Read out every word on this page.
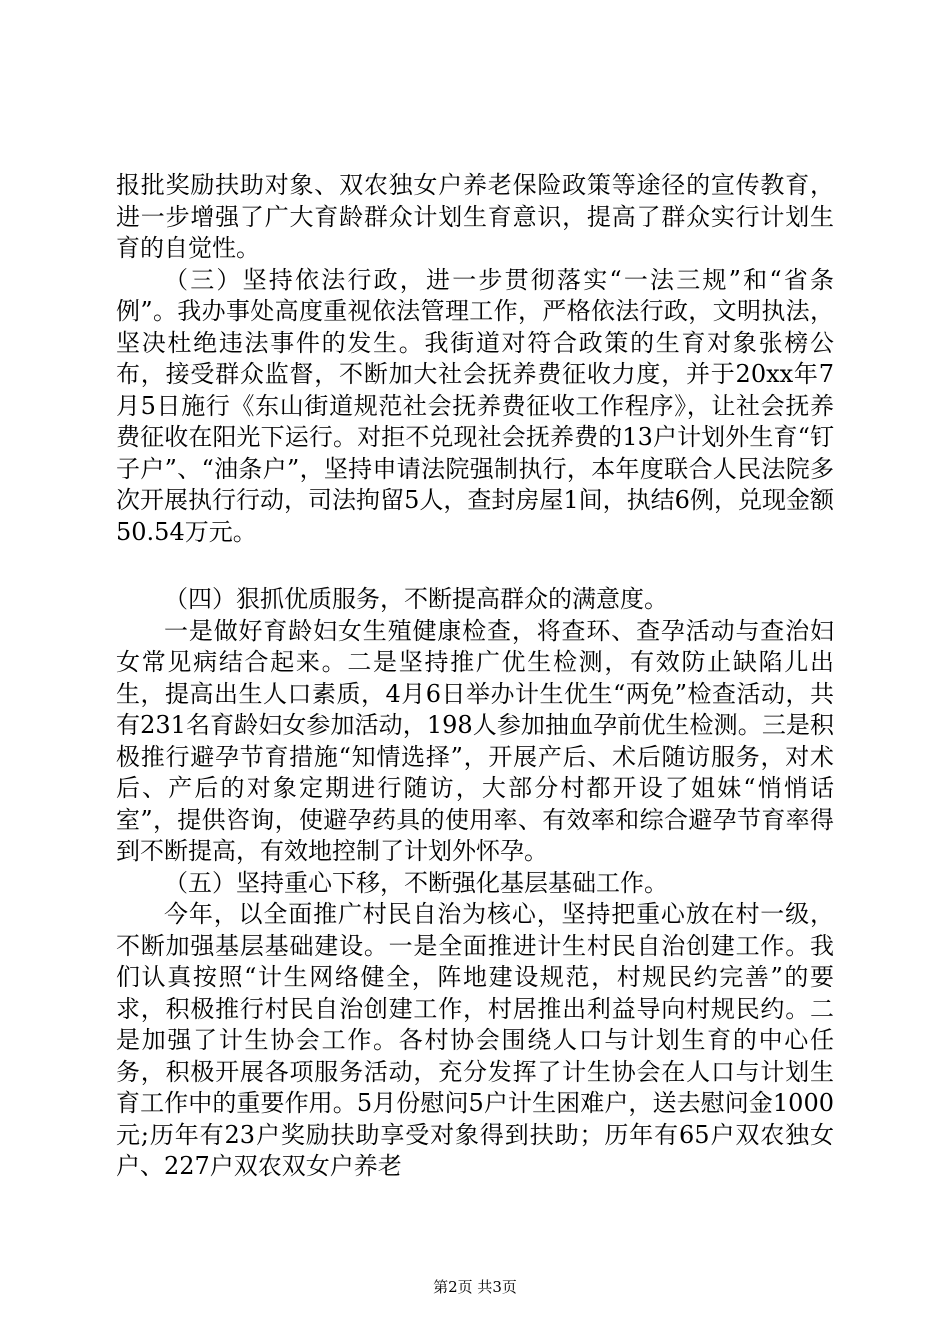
报批奖励扶助对象、双农独女户养老保险政策等途径的宣传教育，进一步增强了广大育龄群众计划生育意识，提高了群众实行计划生育的自觉性。

（三）坚持依法行政，进一步贯彻落实“一法三规”和“省条例”。我办事处高度重视依法管理工作，严格依法行政，文明执法，坚决杜绝违法事件的发生。我街道对符合政策的生育对象张榜公布，接受群众监督，不断加大社会抚养费征收力度，并于20xx年7月5日施行《东山街道规范社会抚养费征收工作程序》，让社会抚养费征收在阳光下运行。对拒不兑现社会抚养费的13户计划外生育“钉子户”、“油条户”，坚持申请法院强制执行，本年度联合人民法院多次开展执行行动，司法拘留5人，查封房屋1间，执结6例，兑现金额50.54万元。

（四）狠抓优质服务，不断提高群众的满意度。

一是做好育龄妇女生殖健康检查，将查环、查孕活动与查治妇女常见病结合起来。二是坚持推广优生检测，有效防止缺陷儿出生，提高出生人口素质，4月6日举办计生优生“两免”检查活动，共有231名育龄妇女参加活动，198人参加抽血孕前优生检测。三是积极推行避孕节育措施“知情选择”，开展产后、术后随访服务，对术后、产后的对象定期进行随访，大部分村都开设了姐妹“悄悄话室”，提供咨询，使避孕药具的使用率、有效率和综合避孕节育率得到不断提高，有效地控制了计划外怀孕。

（五）坚持重心下移，不断强化基层基础工作。

今年，以全面推广村民自治为核心，坚持把重心放在村一级，不断加强基层基础建设。一是全面推进计生村民自治创建工作。我们认真按照“计生网络健全，阵地建设规范，村规民约完善”的要求，积极推行村民自治创建工作，村居推出利益导向村规民约。二是加强了计生协会工作。各村协会围绕人口与计划生育的中心任务，积极开展各项服务活动，充分发挥了计生协会在人口与计划生育工作中的重要作用。5月份慰问5户计生困难户，送去慰问金1000元;历年有23户奖励扶助享受对象得到扶助；历年有65户双农独女户、227户双农双女户养老

第2页 共3页
